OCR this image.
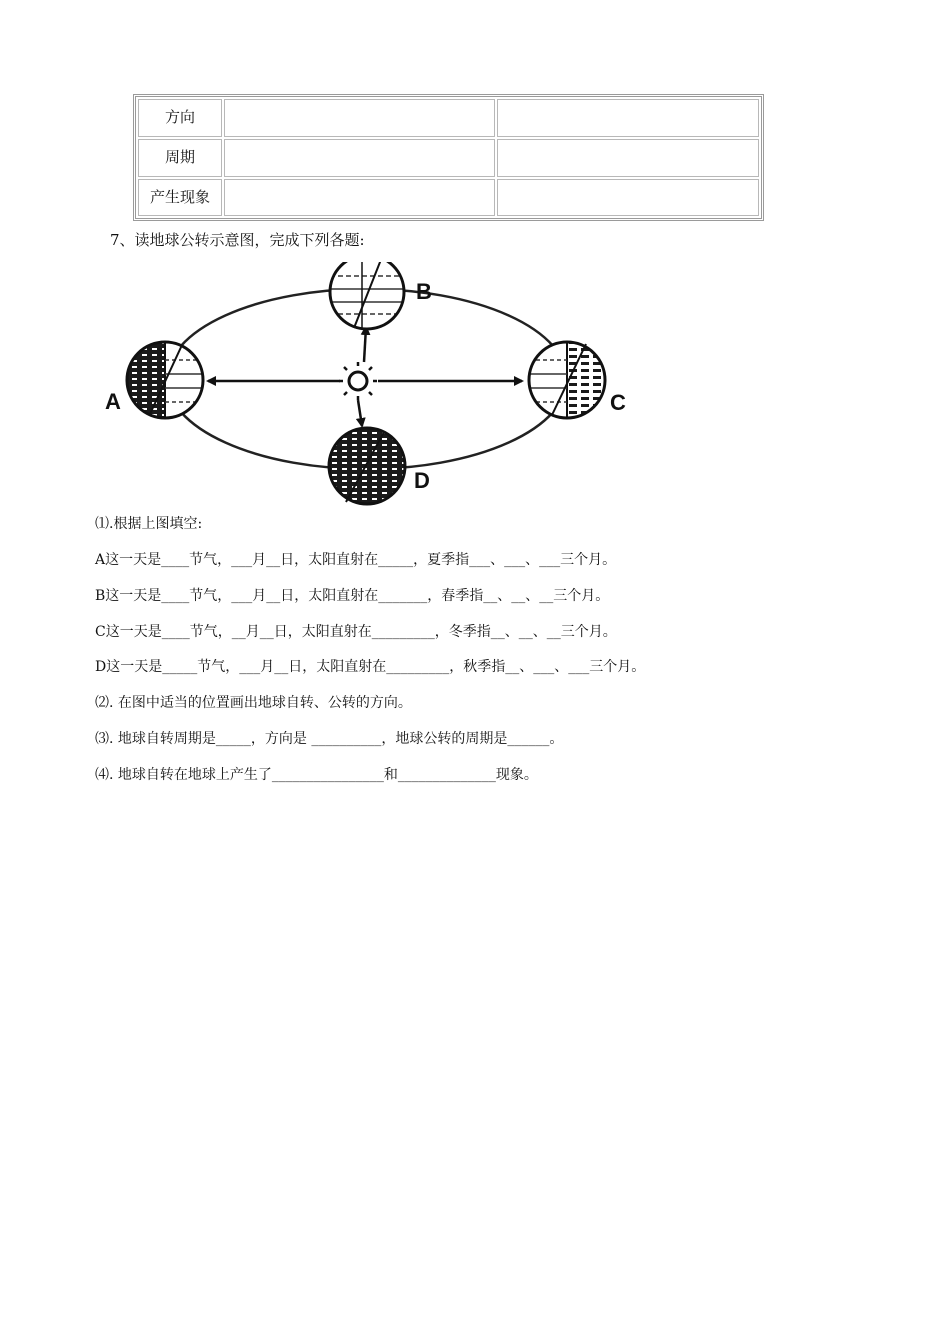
方向		
周期		
产生现象		
7、读地球公转示意图，完成下列各题:
A
B
C
D
⑴.根据上图填空:
A这一天是____节气，___月__日，太阳直射在_____，夏季指___、___、___三个月。
B这一天是____节气，___月__日，太阳直射在_______，春季指__、__、__三个月。
C这一天是____节气，__月__日，太阳直射在_________，冬季指__、__、__三个月。
D这一天是_____节气，___月__日，太阳直射在_________，秋季指__、___、___三个月。
⑵. 在图中适当的位置画出地球自转、公转的方向。
⑶. 地球自转周期是_____，方向是 __________，地球公转的周期是______。
⑷. 地球自转在地球上产生了________________和______________现象。
